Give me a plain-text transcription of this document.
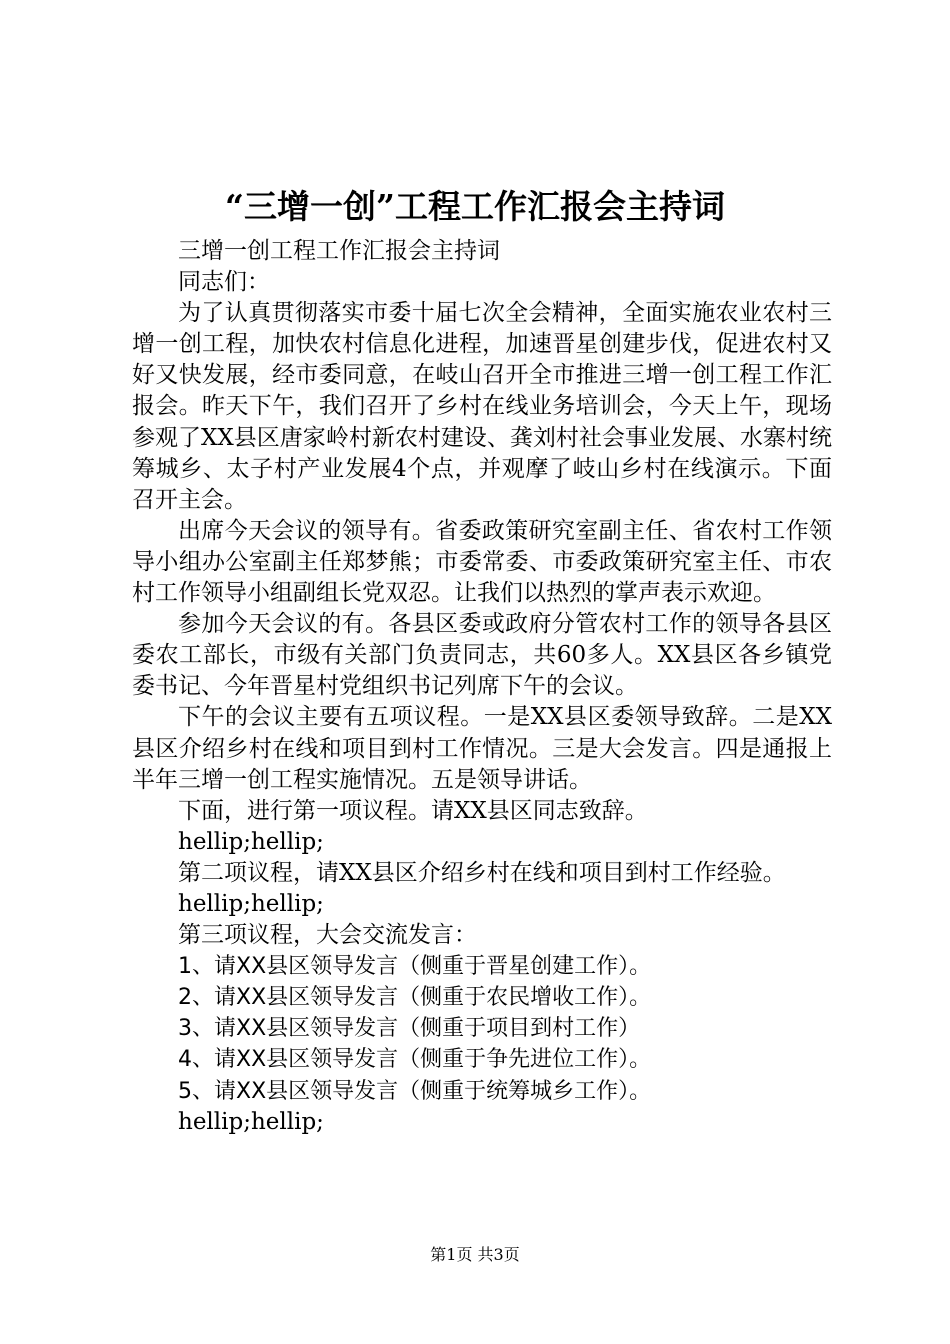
“三增一创”工程工作汇报会主持词

三增一创工程工作汇报会主持词

同志们：

为了认真贯彻落实市委十届七次全会精神，全面实施农业农村三增一创工程，加快农村信息化进程，加速晋星创建步伐，促进农村又好又快发展，经市委同意，在岐山召开全市推进三增一创工程工作汇报会。昨天下午，我们召开了乡村在线业务培训会，今天上午，现场参观了XX县区唐家岭村新农村建设、龚刘村社会事业发展、水寨村统筹城乡、太子村产业发展4个点，并观摩了岐山乡村在线演示。下面召开主会。

出席今天会议的领导有。省委政策研究室副主任、省农村工作领导小组办公室副主任郑梦熊；市委常委、市委政策研究室主任、市农村工作领导小组副组长党双忍。让我们以热烈的掌声表示欢迎。

参加今天会议的有。各县区委或政府分管农村工作的领导各县区委农工部长，市级有关部门负责同志，共60多人。XX县区各乡镇党委书记、今年晋星村党组织书记列席下午的会议。

下午的会议主要有五项议程。一是XX县区委领导致辞。二是XX县区介绍乡村在线和项目到村工作情况。三是大会发言。四是通报上半年三增一创工程实施情况。五是领导讲话。

下面，进行第一项议程。请XX县区同志致辞。

hellip;hellip;

第二项议程，请XX县区介绍乡村在线和项目到村工作经验。

hellip;hellip;

第三项议程，大会交流发言：

1、请XX县区领导发言（侧重于晋星创建工作）。

2、请XX县区领导发言（侧重于农民增收工作）。

3、请XX县区领导发言（侧重于项目到村工作）

4、请XX县区领导发言（侧重于争先进位工作）。

5、请XX县区领导发言（侧重于统筹城乡工作）。

hellip;hellip;

第1页 共3页
